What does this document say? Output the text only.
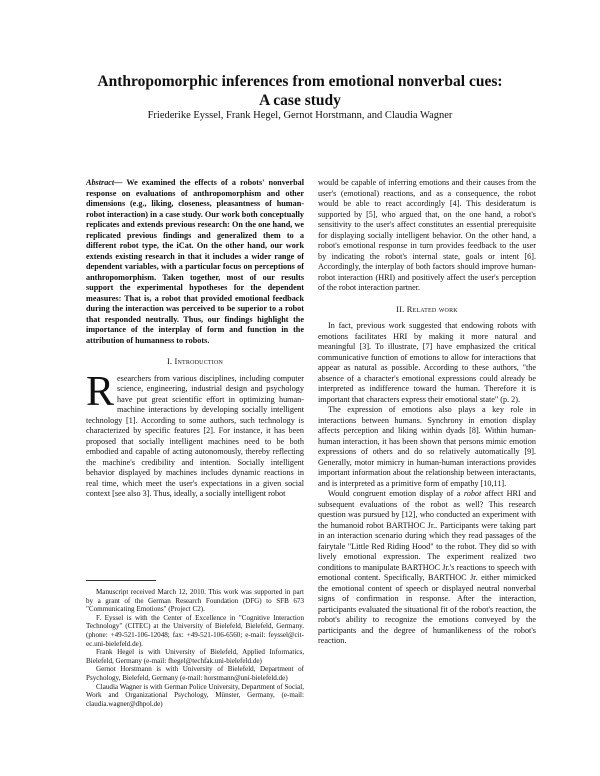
Anthropomorphic inferences from emotional nonverbal cues:
A case study
Friederike Eyssel, Frank Hegel, Gernot Horstmann, and Claudia Wagner

Abstract— We examined the effects of a robots' nonverbal response on evaluations of anthropomorphism and other dimensions (e.g., liking, closeness, pleasantness of human-robot interaction) in a case study. Our work both conceptually replicates and extends previous research: On the one hand, we replicated previous findings and generalized them to a different robot type, the iCat. On the other hand, our work extends existing research in that it includes a wider range of dependent variables, with a particular focus on perceptions of anthropomorphism. Taken together, most of our results support the experimental hypotheses for the dependent measures: That is, a robot that provided emotional feedback during the interaction was perceived to be superior to a robot that responded neutrally. Thus, our findings highlight the importance of the interplay of form and function in the attribution of humanness to robots.

I. Introduction

Researchers from various disciplines, including computer science, engineering, industrial design and psychology have put great scientific effort in optimizing human-machine interactions by developing socially intelligent technology [1]. According to some authors, such technology is characterized by specific features [2]. For instance, it has been proposed that socially intelligent machines need to be both embodied and capable of acting autonomously, thereby reflecting the machine's credibility and intention. Socially intelligent behavior displayed by machines includes dynamic reactions in real time, which meet the user's expectations in a given social context [see also 3]. Thus, ideally, a socially intelligent robot

Manuscript received March 12, 2010. This work was supported in part by a grant of the German Research Foundation (DFG) to SFB 673 "Communicating Emotions" (Project C2).

F. Eyssel is with the Center of Excellence in "Cognitive Interaction Technology" (CITEC) at the University of Bielefeld, Bielefeld, Germany. (phone: +49-521-106-12048; fax: +49-521-106-6560; e-mail: feyssel@cit-ec.uni-bielefeld.de).

Frank Hegel is with University of Bielefeld, Applied Informatics, Bielefeld, Germany (e-mail: fhegel@techfak.uni-bielefeld.de)

Gernot Horstmann is with University of Bielefeld, Department of Psychology, Bielefeld, Germany (e-mail: horstmann@uni-bielefeld.de)

Claudia Wagner is with German Police University, Department of Social, Work and Organizational Psychology, Münster, Germany, (e-mail: claudia.wagner@dhpol.de)

would be capable of inferring emotions and their causes from the user's (emotional) reactions, and as a consequence, the robot would be able to react accordingly [4]. This desideratum is supported by [5], who argued that, on the one hand, a robot's sensitivity to the user's affect constitutes an essential prerequisite for displaying socially intelligent behavior. On the other hand, a robot's emotional response in turn provides feedback to the user by indicating the robot's internal state, goals or intent [6]. Accordingly, the interplay of both factors should improve human-robot interaction (HRI) and positively affect the user's perception of the robot interaction partner.

II. Related work

In fact, previous work suggested that endowing robots with emotions facilitates HRI by making it more natural and meaningful [3]. To illustrate, [7] have emphasized the critical communicative function of emotions to allow for interactions that appear as natural as possible. According to these authors, "the absence of a character's emotional expressions could already be interpreted as indifference toward the human. Therefore it is important that characters express their emotional state" (p. 2).

The expression of emotions also plays a key role in interactions between humans. Synchrony in emotion display affects perception and liking within dyads [8]. Within human-human interaction, it has been shown that persons mimic emotion expressions of others and do so relatively automatically [9]. Generally, motor mimicry in human-human interactions provides important information about the relationship between interactants, and is interpreted as a primitive form of empathy [10,11].

Would congruent emotion display of a robot affect HRI and subsequent evaluations of the robot as well? This research question was pursued by [12], who conducted an experiment with the humanoid robot BARTHOC Jr.. Participants were taking part in an interaction scenario during which they read passages of the fairytale "Little Red Riding Hood" to the robot. They did so with lively emotional expression. The experiment realized two conditions to manipulate BARTHOC Jr.'s reactions to speech with emotional content. Specifically, BARTHOC Jr. either mimicked the emotional content of speech or displayed neutral nonverbal signs of confirmation in response. After the interaction, participants evaluated the situational fit of the robot's reaction, the robot's ability to recognize the emotions conveyed by the participants and the degree of humanlikeness of the robot's reaction.
